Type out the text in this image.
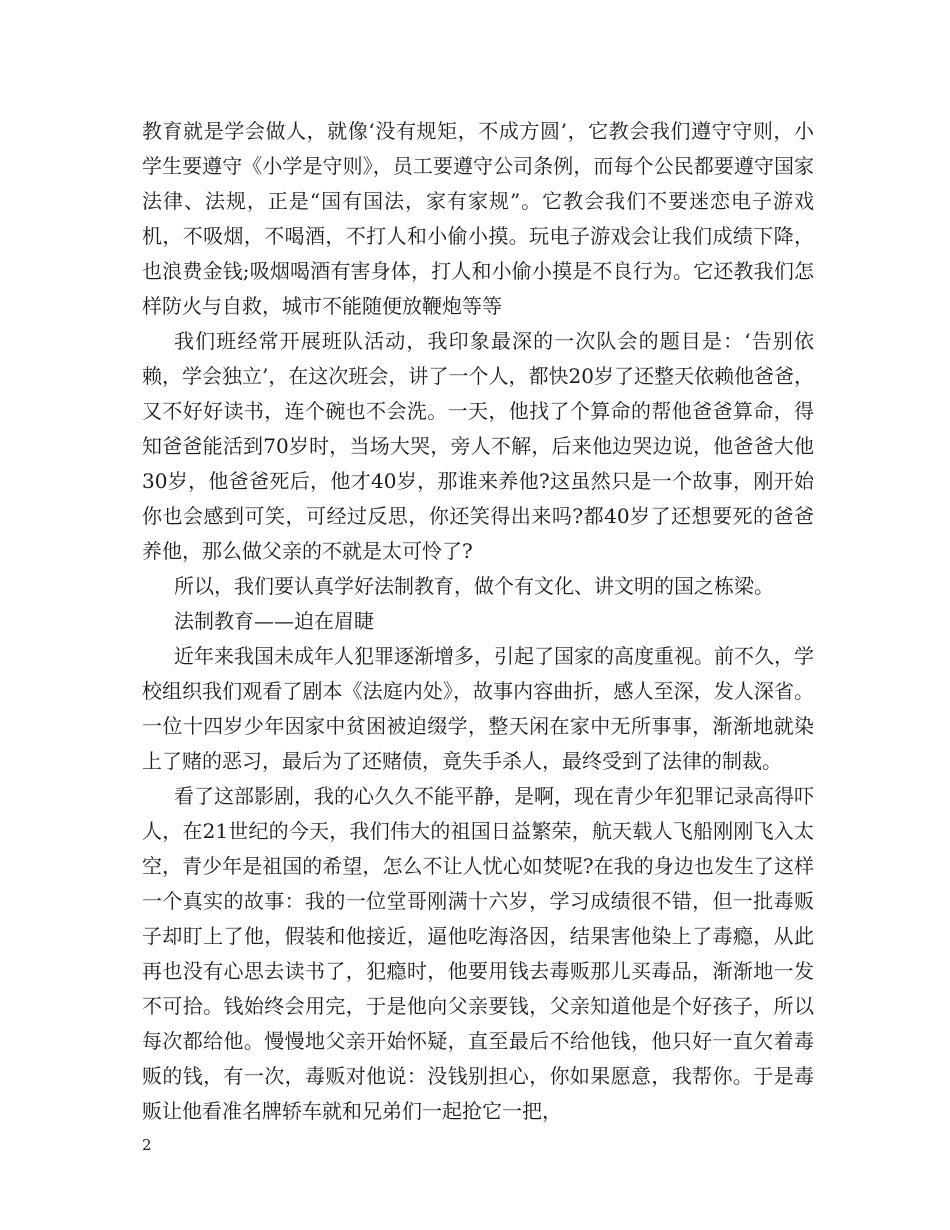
教育就是学会做人，就像‘没有规矩，不成方圆’，它教会我们遵守守则，小学生要遵守《小学是守则》，员工要遵守公司条例，而每个公民都要遵守国家法律、法规，正是“国有国法，家有家规”。它教会我们不要迷恋电子游戏机，不吸烟，不喝酒，不打人和小偷小摸。玩电子游戏会让我们成绩下降，也浪费金钱;吸烟喝酒有害身体，打人和小偷小摸是不良行为。它还教我们怎样防火与自救，城市不能随便放鞭炮等等

我们班经常开展班队活动，我印象最深的一次队会的题目是：‘告别依赖，学会独立’，在这次班会，讲了一个人，都快20岁了还整天依赖他爸爸，又不好好读书，连个碗也不会洗。一天，他找了个算命的帮他爸爸算命，得知爸爸能活到70岁时，当场大哭，旁人不解，后来他边哭边说，他爸爸大他30岁，他爸爸死后，他才40岁，那谁来养他?这虽然只是一个故事，刚开始你也会感到可笑，可经过反思，你还笑得出来吗?都40岁了还想要死的爸爸养他，那么做父亲的不就是太可怜了?

所以，我们要认真学好法制教育，做个有文化、讲文明的国之栋梁。

法制教育——迫在眉睫

近年来我国未成年人犯罪逐渐增多，引起了国家的高度重视。前不久，学校组织我们观看了剧本《法庭内处》，故事内容曲折，感人至深，发人深省。一位十四岁少年因家中贫困被迫缀学，整天闲在家中无所事事，渐渐地就染上了赌的恶习，最后为了还赌债，竟失手杀人，最终受到了法律的制裁。

看了这部影剧，我的心久久不能平静，是啊，现在青少年犯罪记录高得吓人，在21世纪的今天，我们伟大的祖国日益繁荣，航天载人飞船刚刚飞入太空，青少年是祖国的希望，怎么不让人忧心如焚呢?在我的身边也发生了这样一个真实的故事：我的一位堂哥刚满十六岁，学习成绩很不错，但一批毒贩子却盯上了他，假装和他接近，逼他吃海洛因，结果害他染上了毒瘾，从此再也没有心思去读书了，犯瘾时，他要用钱去毒贩那儿买毒品，渐渐地一发不可拾。钱始终会用完，于是他向父亲要钱，父亲知道他是个好孩子，所以每次都给他。慢慢地父亲开始怀疑，直至最后不给他钱，他只好一直欠着毒贩的钱，有一次，毒贩对他说：没钱别担心，你如果愿意，我帮你。于是毒贩让他看准名牌轿车就和兄弟们一起抢它一把，

2
